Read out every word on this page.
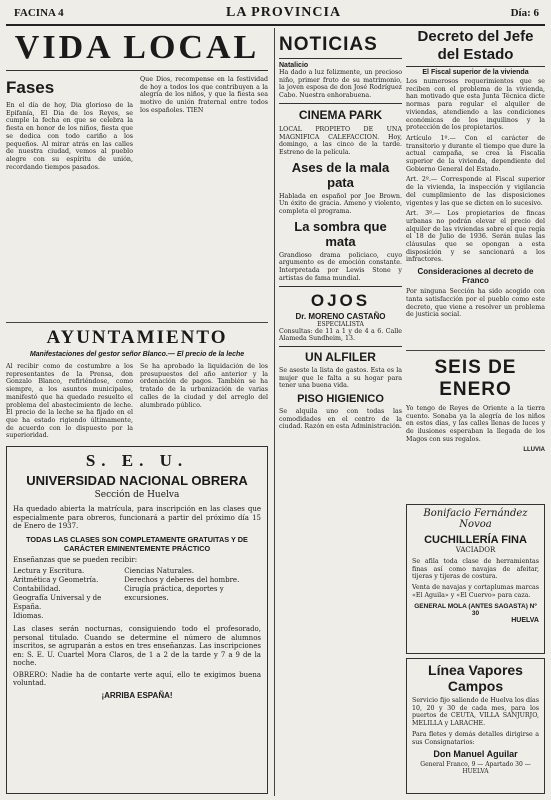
FACINA 4	LA PROVINCIA	Día: 6
VIDA LOCAL
Fases

En el día de hoy, Dia glorioso de la Epifanía, El Dia de los Reyes, se cumple la fecha en que se celebra la fiesta en honor de los niños, fiesta que se dedica con todo cariño a los pequeños. Al mirar atrás en las calles de nuestra ciudad, vemos al pueblo alegre con su espíritu de unión, recordando tiempos pasados.

Que Dios, recompense en la festividad de hoy a todos los que contribuyen a la alegría de los niños, y que la fiesta sea motivo de unión fraternal entre todos los españoles. TIEN

NOTICIAS
Natalicio

Ha dado a luz felizmente, un precioso niño, primer fruto de su matrimonio, la joven esposa de don José Rodríguez Cabo. Nuestra enhorabuena.

CINEMA PARK

LOCAL PROPIETO DE UNA MAGNIFICA CALEFACCION. Hoy, domingo, a las cinco de la tarde. Estreno de la película.

Ases de la mala pata

Hablada en español por Joe Brown. Un éxito de gracia. Ameno y violento, completa el programa.

La sombra que mata

Grandioso drama policiaco, cuyo argumento es de emoción constante. Interpretada por Lewis Stone y artistas de fama mundial.

OJOS
Dr. MORENO CASTAÑO
ESPECIALISTA

Consultas: de 11 a 1 y de 4 a 6. Calle Alameda Sundheim, 13.

UN ALFILER

Se aseste la lista de gastos. Esta es la mujer que le falta a su hogar para tener una buena vida.

PISO HIGIENICO

Se alquila uno con todas las comodidades en el centro de la ciudad. Razón en esta Administración.

Decreto del Jefe del Estado
El Fiscal superior de la vivienda

Los numerosos requerimientos que se reciben con el problema de la vivienda, han motivado que esta Junta Técnica dicte normas para regular el alquiler de viviendas, atendiendo a las condiciones económicas de los inquilinos y la protección de los propietarios.

Artículo 1º.— Con el carácter de transitorio y durante el tiempo que dure la actual campaña, se crea la Fiscalía superior de la vivienda, dependiente del Gobierno General del Estado.

Art. 2º.— Corresponde al Fiscal superior de la vivienda, la inspección y vigilancia del cumplimiento de las disposiciones vigentes y las que se dicten en lo sucesivo.

Art. 3º.— Los propietarios de fincas urbanas no podrán elevar el precio del alquiler de las viviendas sobre el que regía el 18 de Julio de 1936. Serán nulas las cláusulas que se opongan a esta disposición y se sancionará a los infractores.

Consideraciones al decreto de Franco

Por ninguna Sección ha sido acogido con tanta satisfacción por el pueblo como este decreto, que viene a resolver un problema de justicia social.

SEIS DE ENERO

Yo tengo de Reyes de Oriente a la tierra cuento. Sonaba ya la alegría de los niños en estos días, y las calles llenas de luces y de ilusiones esperaban la llegada de los Magos con sus regalos.

LLUVIA
AYUNTAMIENTO
Manifestaciones del gestor señor Blanco.— El precio de la leche

Al recibir como de costumbre a los representantes de la Prensa, don Gonzalo Blanco, refiriéndose, como siempre, a los asuntos municipales, manifestó que ha quedado resuelto el problema del abastecimiento de leche. El precio de la leche se ha fijado en el que ha estado rigiendo últimamente, de acuerdo con lo dispuesto por la superioridad.

Se ha aprobado la liquidación de los presupuestos del año anterior y la ordenación de pagos. También se ha tratado de la urbanización de varias calles de la ciudad y del arreglo del alumbrado público.

S. E. U.
UNIVERSIDAD NACIONAL OBRERA
Sección de Huelva

Ha quedado abierta la matrícula, para inscripción en las clases que especialmente para obreros, funcionará a partir del próximo día 15 de Enero de 1937.

TODAS LAS CLASES SON COMPLETAMENTE GRATUITAS Y DE CARÁCTER EMINENTEMENTE PRÁCTICO

Enseñanzas que se pueden recibir:

Lectura y Escritura.
Aritmética y Geometría.
Contabilidad.
Geografía Universal y de España.
Idiomas.
Ciencias Naturales.
Derechos y deberes del hombre.
Cirugía práctica, deportes y excursiones.

Las clases serán nocturnas, consiguiendo todo el profesorado, personal titulado. Cuando se determine el número de alumnos inscritos, se agruparán a estos en tres enseñanzas. Las inscripciones en: S. E. U. Cuartel Mora Claros, de 1 a 2 de la tarde y 7 a 9 de la noche.

OBRERO: Nadie ha de contarte verte aquí, ello te exigimos buena voluntad.

¡ARRIBA ESPAÑA!
Bonifacio Fernández Novoa
CUCHILLERÍA FINA
VACIADOR

Se afila toda clase de herramientas finas así como navajas de afeitar, tijeras y tijeras de costura.

Venta de navajas y cortaplumas marcas «El Aguila» y «El Cuervo» para caza.

GENERAL MOLA (ANTES SAGASTA) Nº 30
HUELVA
Línea Vapores Campos

Servicio fijo saliendo de Huelva los días 10, 20 y 30 de cada mes, para los puertos de CEUTA, VILLA SANJURJO, MELILLA y LARACHE.

Para fletes y demás detalles dirigirse a sus Consignatarios:

Don Manuel Aguilar
General Franco, 9 — Apartado 30 — HUELVA
